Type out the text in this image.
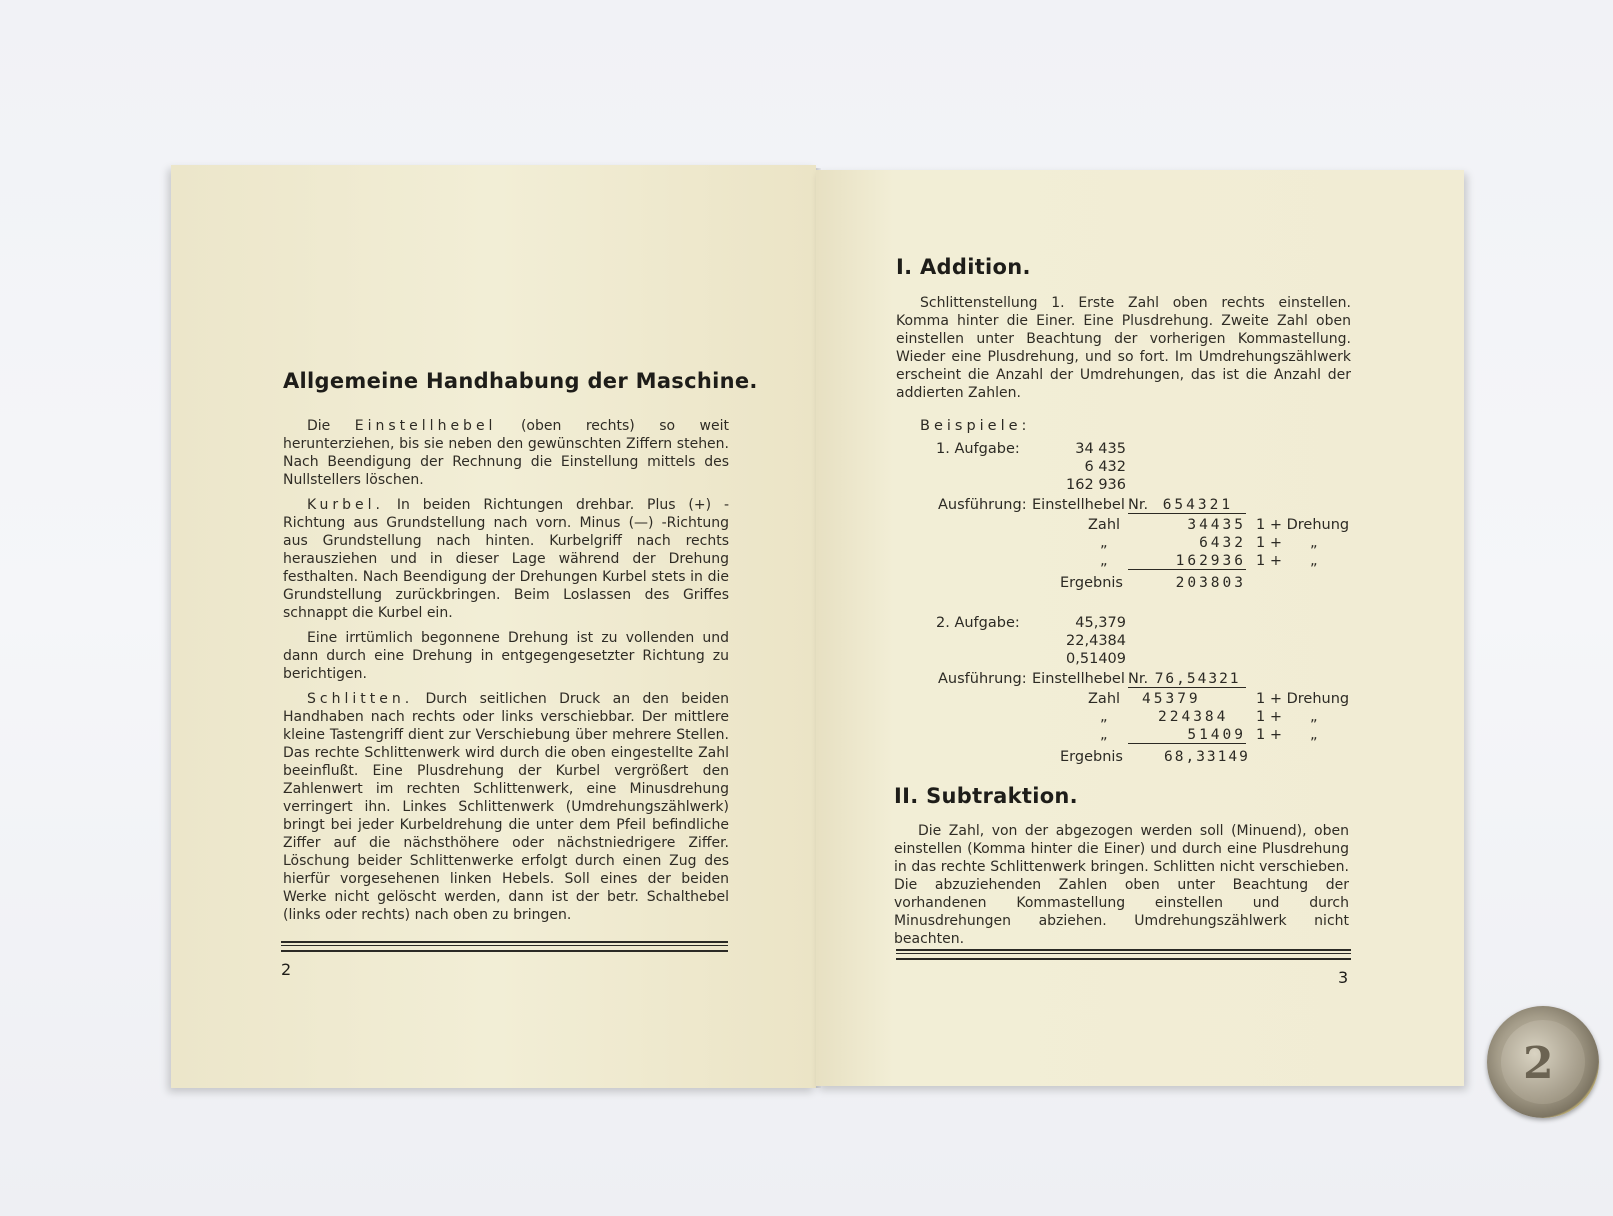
Allgemeine Handhabung der Maschine.

Die Einstellhebel (oben rechts) so weit herunterziehen, bis sie neben den gewünschten Ziffern stehen. Nach Beendigung der Rechnung die Einstellung mittels des Nullstellers löschen.

Kurbel. In beiden Richtungen drehbar. Plus (+) -Richtung aus Grundstellung nach vorn. Minus (—) -Richtung aus Grundstellung nach hinten. Kurbelgriff nach rechts herausziehen und in dieser Lage während der Drehung festhalten. Nach Beendigung der Drehungen Kurbel stets in die Grundstellung zurückbringen. Beim Loslassen des Griffes schnappt die Kurbel ein.

Eine irrtümlich begonnene Drehung ist zu vollenden und dann durch eine Drehung in entgegengesetzter Richtung zu berichtigen.

Schlitten. Durch seitlichen Druck an den beiden Handhaben nach rechts oder links verschiebbar. Der mittlere kleine Tastengriff dient zur Verschiebung über mehrere Stellen. Das rechte Schlittenwerk wird durch die oben eingestellte Zahl beeinflußt. Eine Plusdrehung der Kurbel vergrößert den Zahlenwert im rechten Schlittenwerk, eine Minusdrehung verringert ihn. Linkes Schlittenwerk (Umdrehungszählwerk) bringt bei jeder Kurbeldrehung die unter dem Pfeil befindliche Ziffer auf die nächsthöhere oder nächstniedrigere Ziffer. Löschung beider Schlittenwerke erfolgt durch einen Zug des hierfür vorgesehenen linken Hebels. Soll eines der beiden Werke nicht gelöscht werden, dann ist der betr. Schalthebel (links oder rechts) nach oben zu bringen.

2
I. Addition.

Schlittenstellung 1. Erste Zahl oben rechts einstellen. Komma hinter die Einer. Eine Plusdrehung. Zweite Zahl oben einstellen unter Beachtung der vorherigen Kommastellung. Wieder eine Plusdrehung, und so fort. Im Umdrehungszählwerk erscheint die Anzahl der Umdrehungen, das ist die Anzahl der addierten Zahlen.

Beispiele:
1. Aufgabe:	34 435
6 432
162 936
Ausführung: Einstellhebel Nr. 654321
Zahl	34435 1 + Drehung
„	6432 1 + „
„	162936 1 + „
Ergebnis	203803
2. Aufgabe:	45,379
22,4384
0,51409
Ausführung: Einstellhebel Nr. 76,54321
Zahl 45379	1 + Drehung
„	224384 1 + „
„	51409 1 + „
Ergebnis	68,33149
II. Subtraktion.

Die Zahl, von der abgezogen werden soll (Minuend), oben einstellen (Komma hinter die Einer) und durch eine Plusdrehung in das rechte Schlittenwerk bringen. Schlitten nicht verschieben. Die abzuziehenden Zahlen oben unter Beachtung der vorhandenen Kommastellung einstellen und durch Minusdrehungen abziehen. Umdrehungszählwerk nicht beachten.

3
2
